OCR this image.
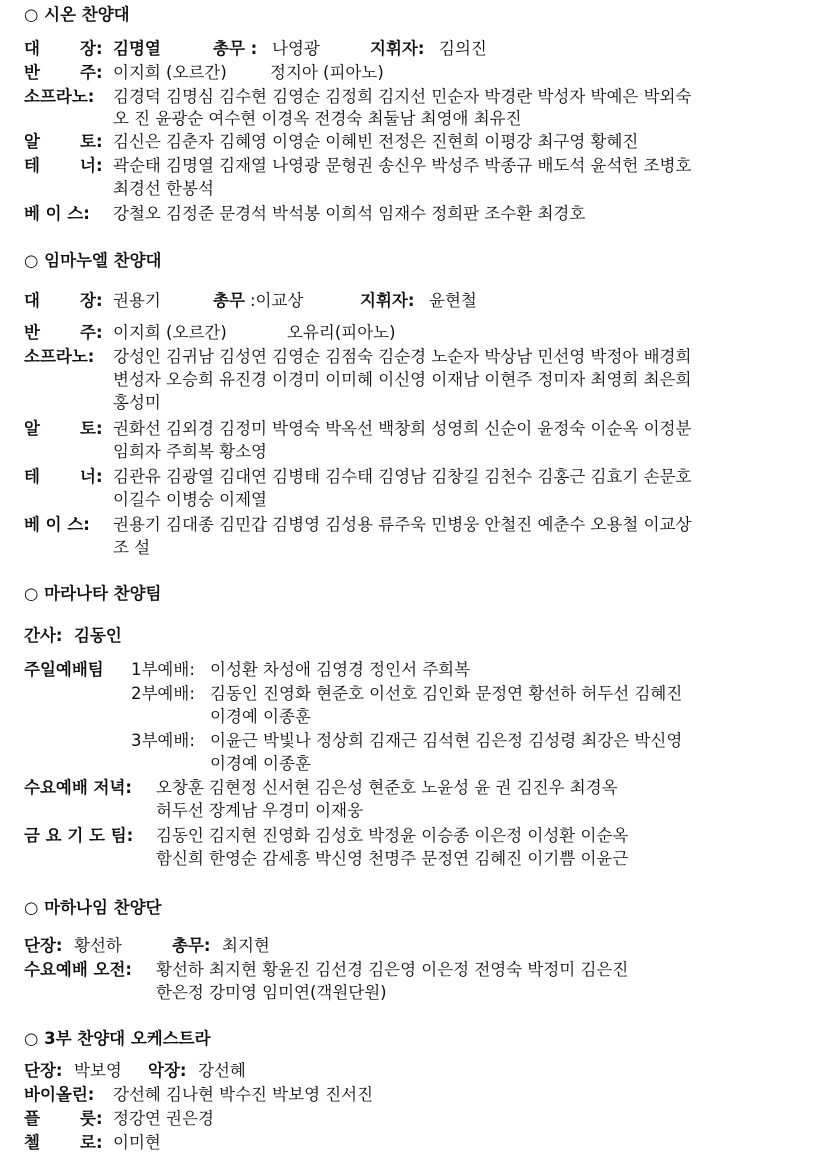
○ 시온 찬양대
대 장: 김명열	총무 : 나영광	지휘자: 김의진
반 주: 이지희 (오르간)	정지아 (피아노)
소프라노: 김경덕 김명심 김수현 김영순 김정희 김지선 민순자 박경란 박성자 박예은 박외숙
오 진 윤광순 여수현 이경옥 전경숙 최둘남 최영애 최유진
알 토: 김신은 김춘자 김혜영 이영순 이혜빈 전정은 진현희 이평강 최구영 황혜진
테 너: 곽순태 김명열 김재열 나영광 문형권 송신우 박성주 박종규 배도석 윤석헌 조병호
최경선 한봉석
베 이 스: 강철오 김정준 문경석 박석봉 이희석 임재수 정희판 조수환 최경호
○ 임마누엘 찬양대
대 장: 권용기	총무 :이교상	지휘자: 윤현철
반 주: 이지희 (오르간)	오유리(피아노)
소프라노: 강성인 김귀남 김성연 김영순 김점숙 김순경 노순자 박상남 민선영 박정아 배경희
변성자 오승희 유진경 이경미 이미혜 이신영 이재남 이현주 정미자 최영희 최은희
홍성미
알 토: 권화선 김외경 김정미 박영숙 박옥선 백창희 성영희 신순이 윤정숙 이순옥 이정분
임희자 주희복 황소영
테 너: 김관유 김광열 김대연 김병태 김수태 김영남 김창길 김천수 김홍근 김효기 손문호
이길수 이병숭 이제열
베 이 스: 권용기 김대종 김민갑 김병영 김성용 류주욱 민병웅 안철진 예춘수 오용철 이교상
조 설
○ 마라나타 찬양팀
간사: 김동인
주일예배팀 1부예배: 이성환 차성애 김영경 정인서 주희복
2부예배: 김동인 진영화 현준호 이선호 김인화 문정연 황선하 허두선 김혜진
이경예 이종훈
3부예배: 이윤근 박빛나 정상희 김재근 김석현 김은정 김성령 최강은 박신영
이경예 이종훈
수요예배 저녁: 오창훈 김현정 신서현 김은성 현준호 노윤성 윤 권 김진우 최경옥
허두선 장계남 우경미 이재웅
금 요 기 도 팀: 김동인 김지현 진영화 김성호 박정윤 이승종 이은정 이성환 이순옥
함신희 한영순 감세흥 박신영 천명주 문정연 김혜진 이기쁨 이윤근
○ 마하나임 찬양단
단장: 황선하	총무: 최지현
수요예배 오전: 황선하 최지현 황윤진 김선경 김은영 이은정 전영숙 박정미 김은진
한은정 강미영 임미연(객원단원)
○ 3부 찬양대 오케스트라
단장: 박보영 악장: 강선혜
바이올린: 강선혜 김나현 박수진 박보영 진서진
플 룻: 정강연 권은경
첼 로: 이미현
